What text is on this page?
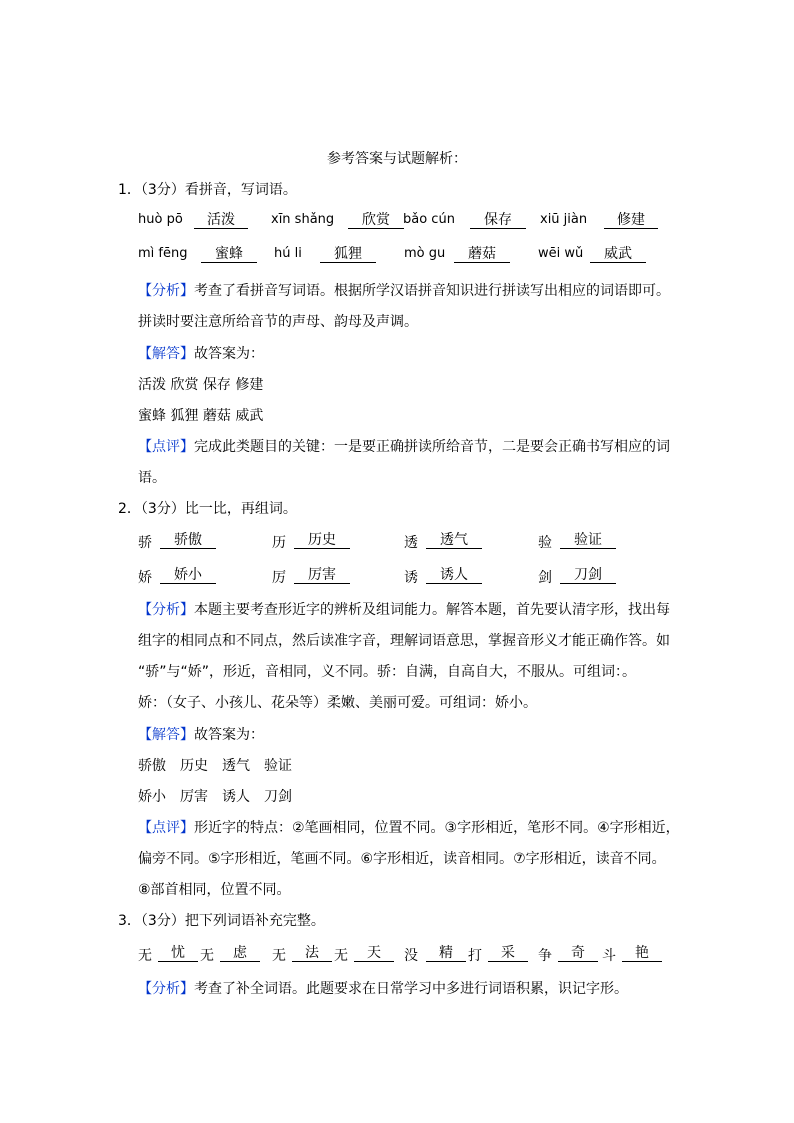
参考答案与试题解析：
1．（3分）看拼音，写词语。
huò pō	活泼	xīn shǎng	欣赏	bǎo cún	保存	xiū jiàn	修建
mì fēng	蜜蜂	hú li	狐狸	mò gu	蘑菇	wēi wǔ	威武
【分析】考查了看拼音写词语。根据所学汉语拼音知识进行拼读写出相应的词语即可。
拼读时要注意所给音节的声母、韵母及声调。
【解答】故答案为：
活泼 欣赏 保存 修建
蜜蜂 狐狸 蘑菇 威武
【点评】完成此类题目的关键：一是要正确拼读所给音节，二是要会正确书写相应的词
语。
2．（3分）比一比，再组词。
骄	骄傲	历	历史	透	透气	验	验证
娇	娇小	厉	厉害	诱	诱人	剑	刀剑
【分析】本题主要考查形近字的辨析及组词能力。解答本题，首先要认清字形，找出每
组字的相同点和不同点，然后读准字音，理解词语意思，掌握音形义才能正确作答。如
“骄”与“娇”，形近，音相同，义不同。骄：自满，自高自大，不服从。可组词：。
娇：（女子、小孩儿、花朵等）柔嫩、美丽可爱。可组词：娇小。
【解答】故答案为：
骄傲　历史　透气　验证
娇小　厉害　诱人　刀剑
【点评】形近字的特点：②笔画相同，位置不同。③字形相近，笔形不同。④字形相近，
偏旁不同。⑤字形相近，笔画不同。⑥字形相近，读音相同。⑦字形相近，读音不同。
⑧部首相同，位置不同。
3．（3分）把下列词语补充完整。
无	忧	无	虑	无	法	无	天	没	精	打	采	争	奇	斗	艳
【分析】考查了补全词语。此题要求在日常学习中多进行词语积累，识记字形。
